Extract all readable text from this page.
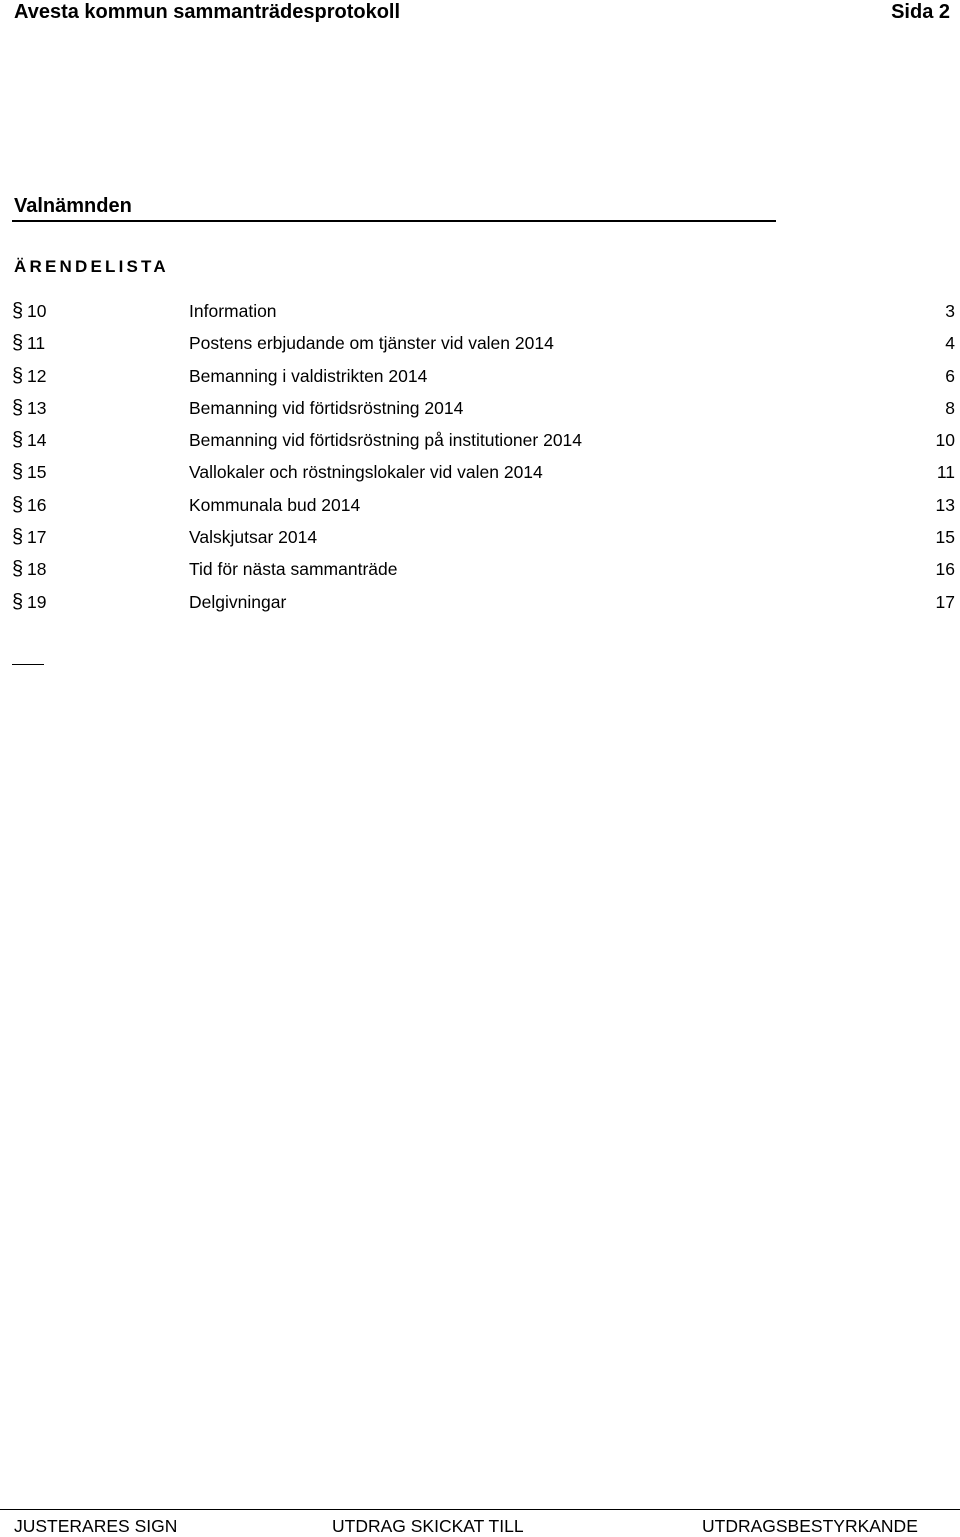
Avesta kommun sammanträdesprotokoll	Sida 2
Valnämnden
ÄRENDELISTA
§ 10	Information	3
§ 11	Postens erbjudande om tjänster vid valen 2014	4
§ 12	Bemanning i valdistrikten 2014	6
§ 13	Bemanning vid förtidsröstning 2014	8
§ 14	Bemanning vid förtidsröstning på institutioner 2014	10
§ 15	Vallokaler och röstningslokaler vid valen 2014	11
§ 16	Kommunala bud 2014	13
§ 17	Valskjutsar 2014	15
§ 18	Tid för nästa sammanträde	16
§ 19	Delgivningar	17
JUSTERARES SIGN	UTDRAG SKICKAT TILL	UTDRAGSBESTYRKANDE
